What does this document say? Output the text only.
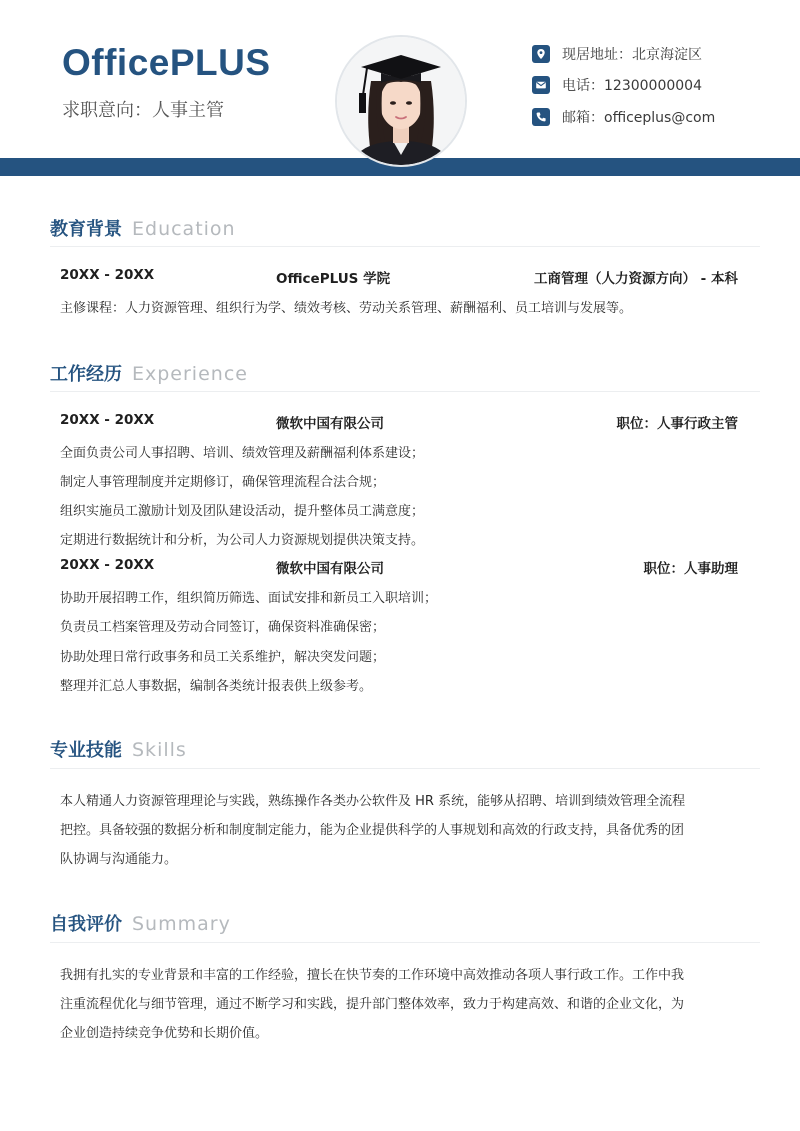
OfficePLUS
求职意向：人事主管
现居地址：北京海淀区
电话：12300000004
邮箱：officeplus@com
教育背景 Education
20XX - 20XX	OfficePLUS 学院	工商管理（人力资源方向） - 本科
主修课程：人力资源管理、组织行为学、绩效考核、劳动关系管理、薪酬福利、员工培训与发展等。
工作经历 Experience
20XX - 20XX	微软中国有限公司	职位：人事行政主管
全面负责公司人事招聘、培训、绩效管理及薪酬福利体系建设；
制定人事管理制度并定期修订，确保管理流程合法合规；
组织实施员工激励计划及团队建设活动，提升整体员工满意度；
定期进行数据统计和分析，为公司人力资源规划提供决策支持。
20XX - 20XX	微软中国有限公司	职位：人事助理
协助开展招聘工作，组织简历筛选、面试安排和新员工入职培训；
负责员工档案管理及劳动合同签订，确保资料准确保密；
协助处理日常行政事务和员工关系维护，解决突发问题；
整理并汇总人事数据，编制各类统计报表供上级参考。
专业技能 Skills
本人精通人力资源管理理论与实践，熟练操作各类办公软件及 HR 系统，能够从招聘、培训到绩效管理全流程
把控。具备较强的数据分析和制度制定能力，能为企业提供科学的人事规划和高效的行政支持，具备优秀的团
队协调与沟通能力。
自我评价 Summary
我拥有扎实的专业背景和丰富的工作经验，擅长在快节奏的工作环境中高效推动各项人事行政工作。工作中我
注重流程优化与细节管理，通过不断学习和实践，提升部门整体效率，致力于构建高效、和谐的企业文化，为
企业创造持续竞争优势和长期价值。
